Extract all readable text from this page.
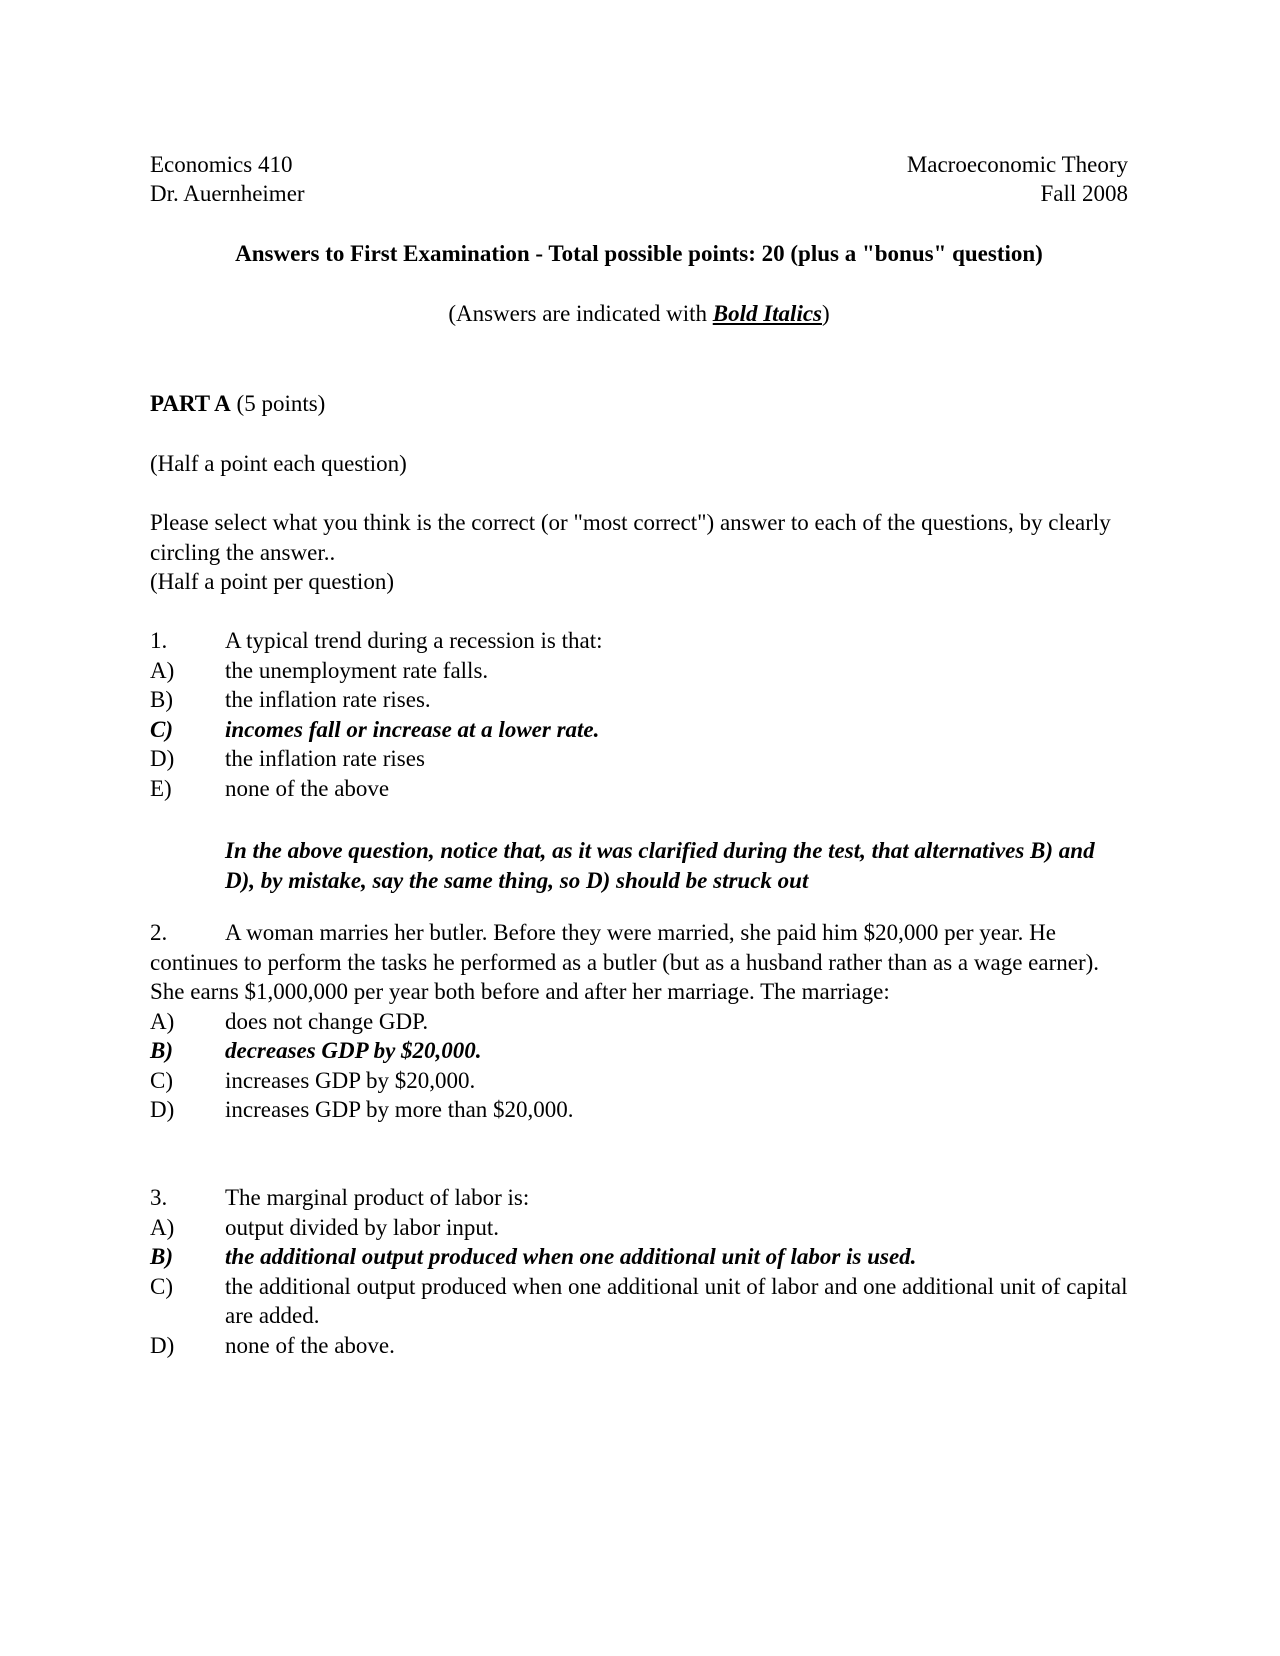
Economics 410
Dr. Auernheimer
Macroeconomic Theory
Fall 2008
Answers to First Examination - Total possible points: 20 (plus a "bonus" question)
(Answers are indicated with Bold Italics)
PART A (5 points)
(Half a point each question)
Please select what you think is the correct (or "most correct") answer to each of the questions, by clearly circling the answer..
(Half a point per question)
1.	A typical trend during a recession is that:
A)	the unemployment rate falls.
B)	the inflation rate rises.
C)	incomes fall or increase at a lower rate.
D)	the inflation rate rises
E)	none of the above
In the above question, notice that, as it was clarified during the test, that alternatives B) and D), by mistake, say the same thing, so D) should be struck out
2.	A woman marries her butler. Before they were married, she paid him $20,000 per year. He continues to perform the tasks he performed as a butler (but as a husband rather than as a wage earner). She earns $1,000,000 per year both before and after her marriage. The marriage:
A)	does not change GDP.
B)	decreases GDP by $20,000.
C)	increases GDP by $20,000.
D)	increases GDP by more than $20,000.
3.	The marginal product of labor is:
A)	output divided by labor input.
B)	the additional output produced when one additional unit of labor is used.
C)	the additional output produced when one additional unit of labor and one additional unit of capital are added.
D)	none of the above.
